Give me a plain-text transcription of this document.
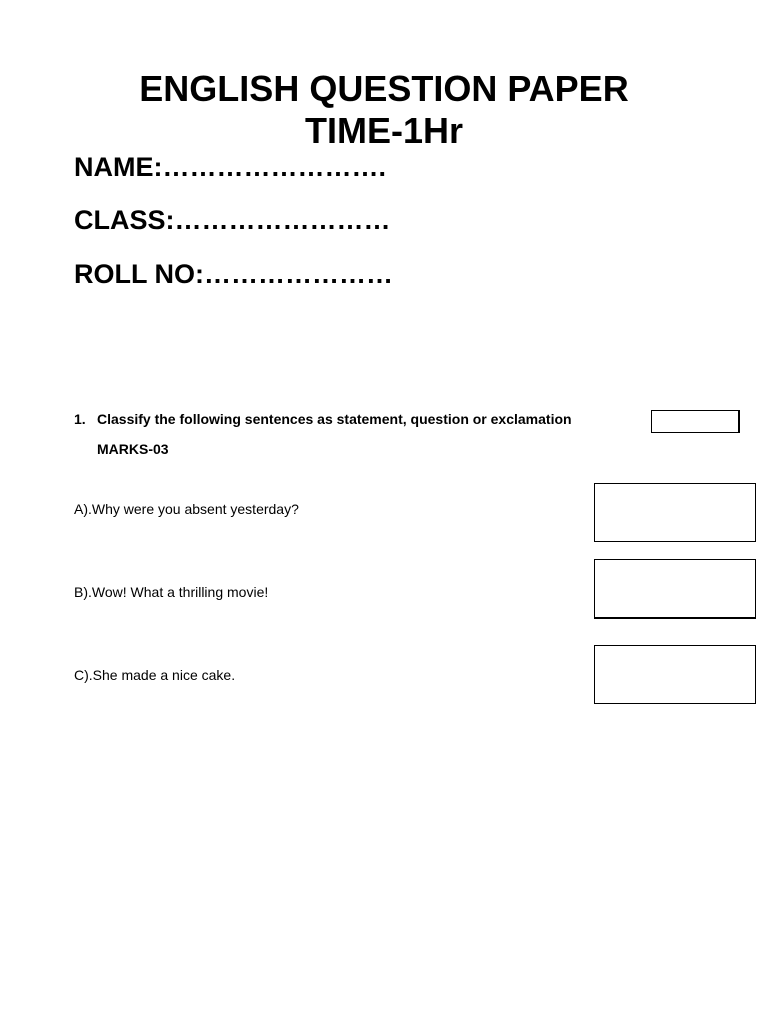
ENGLISH QUESTION PAPER
TIME-1Hr
NAME:…………………….
CLASS:……………………
ROLL NO:…………………
1. Classify the following sentences as statement, question or exclamation
MARKS-03
A).Why were you absent yesterday?
B).Wow! What a thrilling movie!
C).She made a nice cake.
